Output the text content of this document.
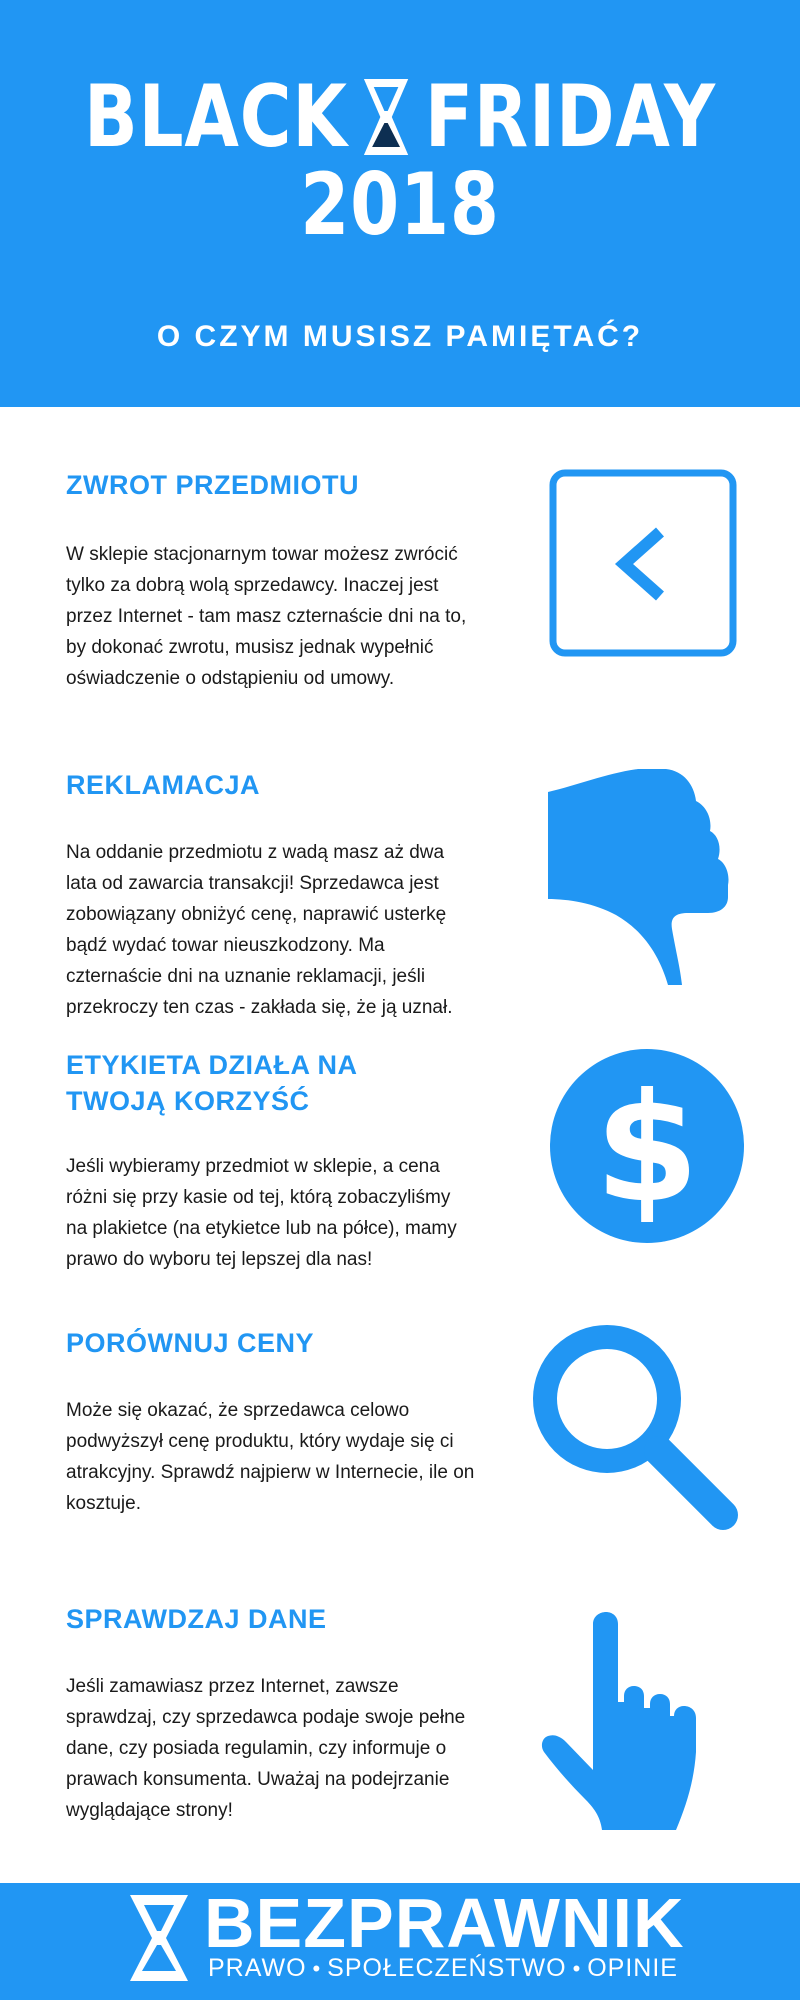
BLACK FRIDAY
2018
O CZYM MUSISZ PAMIĘTAĆ?
ZWROT PRZEDMIOTU

W sklepie stacjonarnym towar możesz zwrócić tylko za dobrą wolą sprzedawcy. Inaczej jest przez Internet - tam masz czternaście dni na to, by dokonać zwrotu, musisz jednak wypełnić oświadczenie o odstąpieniu od umowy.

REKLAMACJA

Na oddanie przedmiotu z wadą masz aż dwa lata od zawarcia transakcji! Sprzedawca jest zobowiązany obniżyć cenę, naprawić usterkę bądź wydać towar nieuszkodzony. Ma czternaście dni na uznanie reklamacji, jeśli przekroczy ten czas - zakłada się, że ją uznał.

ETYKIETA DZIAŁA NA TWOJĄ KORZYŚĆ

Jeśli wybieramy przedmiot w sklepie, a cena różni się przy kasie od tej, którą zobaczyliśmy na plakietce (na etykietce lub na półce), mamy prawo do wyboru tej lepszej dla nas!

$
PORÓWNUJ CENY

Może się okazać, że sprzedawca celowo podwyższył cenę produktu, który wydaje się ci atrakcyjny. Sprawdź najpierw w Internecie, ile on kosztuje.

SPRAWDZAJ DANE

Jeśli zamawiasz przez Internet, zawsze sprawdzaj, czy sprzedawca podaje swoje pełne dane, czy posiada regulamin, czy informuje o prawach konsumenta. Uważaj na podejrzanie wyglądające strony!

BEZPRAWNIK
PRAWO • SPOŁECZEŃSTWO • OPINIE
